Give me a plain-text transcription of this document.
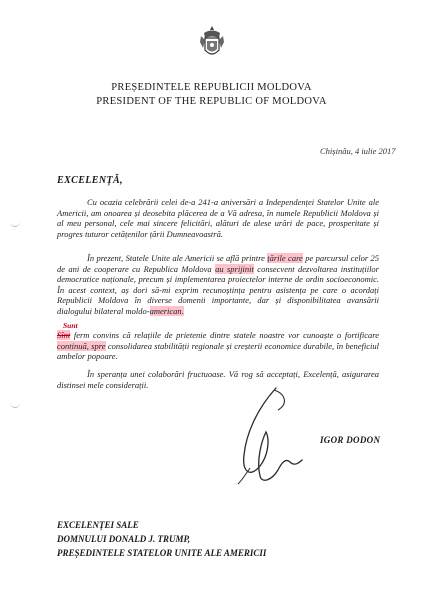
PREȘEDINTELE REPUBLICII MOLDOVA
PRESIDENT OF THE REPUBLIC OF MOLDOVA
Chișinău, 4 iulie 2017
EXCELENȚĂ,
Cu ocazia celebrării celei de-a 241-a aniversări a Independenței Statelor Unite ale Americii, am onoarea și deosebita plăcerea de a Vă adresa, în numele Republicii Moldova și al meu personal, cele mai sincere felicitări, alături de alese urări de pace, prosperitate și progres tuturor cetățenilor țării Dumneavoastră.
În prezent, Statele Unite ale Americii se află printre țările care pe parcursul celor 25 de ani de cooperare cu Republica Moldova au sprijinit consecvent dezvoltarea instituțiilor democratice naționale, precum și implementarea proiectelor interne de ordin socioeconomic. În acest context, aș dori să-mi exprim recunoștința pentru asistența pe care o acordați Republicii Moldova în diverse domenii importante, dar și disponibilitatea avansării dialogului bilateral moldo-american.
Sunt
Sînt ferm convins că relațiile de prietenie dintre statele noastre vor cunoaște o fortificare continuă, spre consolidarea stabilității regionale și creșterii economice durabile, în beneficiul ambelor popoare.
În speranța unei colaborări fructuoase. Vă rog să acceptați, Excelență, asigurarea distinsei mele considerații.
IGOR DODON
EXCELENȚEI SALE
DOMNULUI DONALD J. TRUMP,
PREȘEDINTELE STATELOR UNITE ALE AMERICII
